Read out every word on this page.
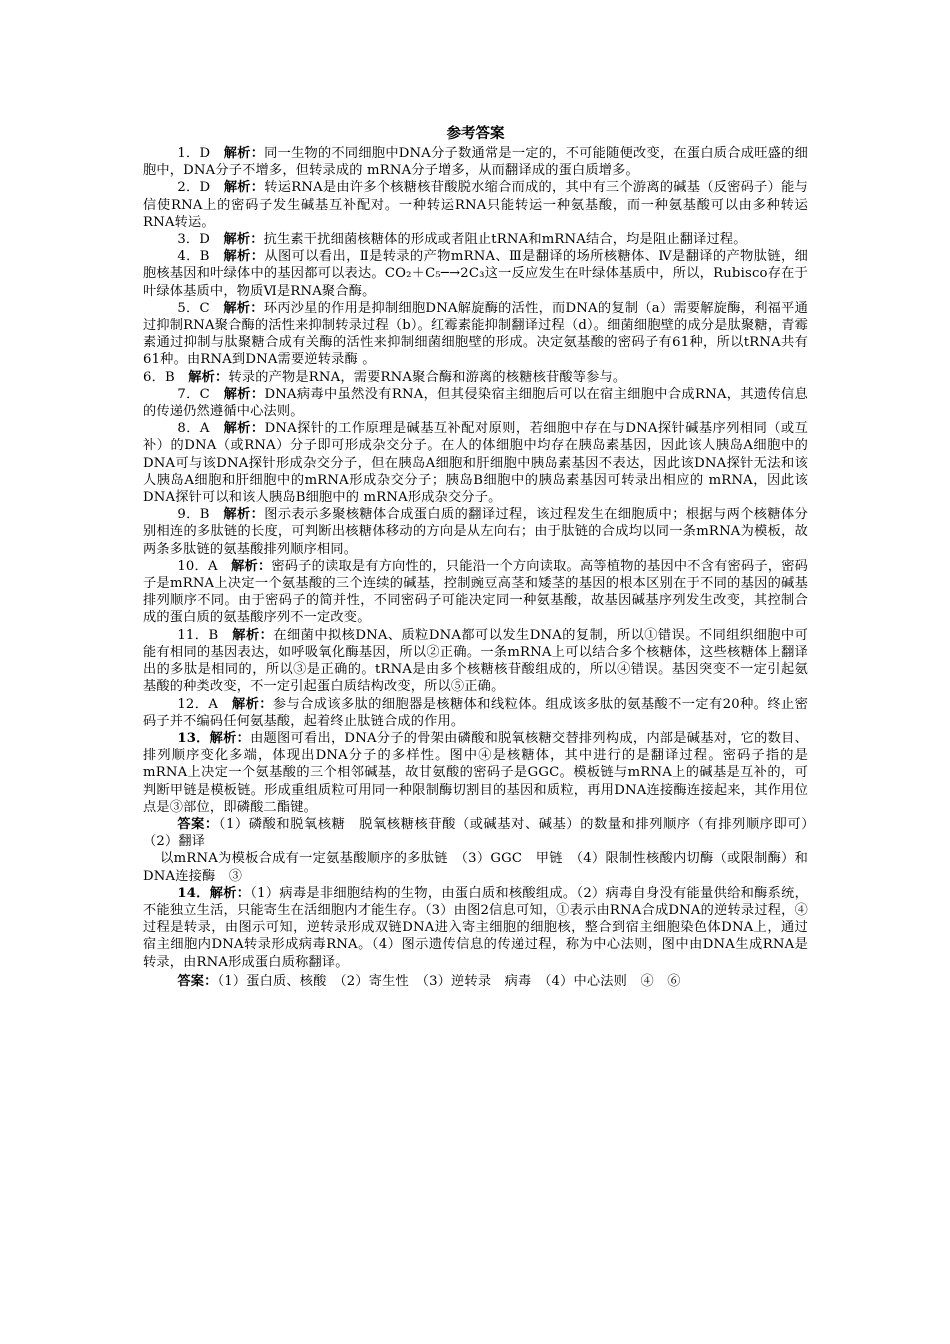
参考答案

1．D　 解析：同一生物的不同细胞中DNA分子数通常是一定的，不可能随便改变，在蛋白质合成旺盛的细胞中，DNA分子不增多，但转录成的 mRNA分子增多，从而翻译成的蛋白质增多。

2．D　 解析：转运RNA是由许多个核糖核苷酸脱水缩合而成的，其中有三个游离的碱基（反密码子）能与信使RNA上的密码子发生碱基互补配对。一种转运RNA只能转运一种氨基酸，而一种氨基酸可以由多种转运RNA转运。

3．D　 解析：抗生素干扰细菌核糖体的形成或者阻止tRNA和mRNA结合，均是阻止翻译过程。

4．B　 解析：从图可以看出，Ⅱ是转录的产物mRNA、Ⅲ是翻译的场所核糖体、Ⅳ是翻译的产物肽链，细胞核基因和叶绿体中的基因都可以表达。CO₂＋C₅─→2C₃这一反应发生在叶绿体基质中，所以，Rubisco存在于叶绿体基质中，物质Ⅵ是RNA聚合酶。

5．C　 解析：环丙沙星的作用是抑制细胞DNA解旋酶的活性，而DNA的复制（a）需要解旋酶，利福平通过抑制RNA聚合酶的活性来抑制转录过程（b）。红霉素能抑制翻译过程（d）。细菌细胞壁的成分是肽聚糖，青霉素通过抑制与肽聚糖合成有关酶的活性来抑制细菌细胞壁的形成。决定氨基酸的密码子有61种，所以tRNA共有61种。由RNA到DNA需要逆转录酶 。

6．B　 解析：转录的产物是RNA，需要RNA聚合酶和游离的核糖核苷酸等参与。

7．C　 解析：DNA病毒中虽然没有RNA，但其侵染宿主细胞后可以在宿主细胞中合成RNA，其遗传信息的传递仍然遵循中心法则。

8．A　 解析：DNA探针的工作原理是碱基互补配对原则，若细胞中存在与DNA探针碱基序列相同（或互补）的DNA（或RNA）分子即可形成杂交分子。在人的体细胞中均存在胰岛素基因，因此该人胰岛A细胞中的DNA可与该DNA探针形成杂交分子，但在胰岛A细胞和肝细胞中胰岛素基因不表达，因此该DNA探针无法和该人胰岛A细胞和肝细胞中的mRNA形成杂交分子；胰岛B细胞中的胰岛素基因可转录出相应的 mRNA，因此该DNA探针可以和该人胰岛B细胞中的 mRNA形成杂交分子。

9．B　 解析：图示表示多聚核糖体合成蛋白质的翻译过程，该过程发生在细胞质中；根据与两个核糖体分别相连的多肽链的长度，可判断出核糖体移动的方向是从左向右；由于肽链的合成均以同一条mRNA为模板，故两条多肽链的氨基酸排列顺序相同。

10．A　 解析：密码子的读取是有方向性的，只能沿一个方向读取。高等植物的基因中不含有密码子，密码子是mRNA上决定一个氨基酸的三个连续的碱基，控制豌豆高茎和矮茎的基因的根本区别在于不同的基因的碱基排列顺序不同。由于密码子的简并性，不同密码子可能决定同一种氨基酸，故基因碱基序列发生改变，其控制合成的蛋白质的氨基酸序列不一定改变。

11．B　 解析：在细菌中拟核DNA、质粒DNA都可以发生DNA的复制，所以①错误。不同组织细胞中可能有相同的基因表达，如呼吸氧化酶基因，所以②正确。一条mRNA上可以结合多个核糖体，这些核糖体上翻译出的多肽是相同的，所以③是正确的。tRNA是由多个核糖核苷酸组成的，所以④错误。基因突变不一定引起氨基酸的种类改变，不一定引起蛋白质结构改变，所以⑤正确。

12．A　 解析：参与合成该多肽的细胞器是核糖体和线粒体。组成该多肽的氨基酸不一定有20种。终止密码子并不编码任何氨基酸，起着终止肽链合成的作用。

13．解析：由题图可看出，DNA分子的骨架由磷酸和脱氧核糖交替排列构成，内部是碱基对，它的数目、排列顺序变化多端，体现出DNA分子的多样性。图中④是核糖体，其中进行的是翻译过程。密码子指的是mRNA上决定一个氨基酸的三个相邻碱基，故甘氨酸的密码子是GGC。模板链与mRNA上的碱基是互补的，可判断甲链是模板链。形成重组质粒可用同一种限制酶切割目的基因和质粒，再用DNA连接酶连接起来，其作用位点是③部位，即磷酸二酯键。

答案：（1）磷酸和脱氧核糖　脱氧核糖核苷酸（或碱基对、碱基）的数量和排列顺序（有排列顺序即可）　（2）翻译

以mRNA为模板合成有一定氨基酸顺序的多肽链　（3）GGC　甲链　（4）限制性核酸内切酶（或限制酶）和DNA连接酶　③

14．解析：（1）病毒是非细胞结构的生物，由蛋白质和核酸组成。（2）病毒自身没有能量供给和酶系统，不能独立生活，只能寄生在活细胞内才能生存。（3）由图2信息可知，①表示由RNA合成DNA的逆转录过程，④过程是转录，由图示可知，逆转录形成双链DNA进入寄主细胞的细胞核，整合到宿主细胞染色体DNA上，通过宿主细胞内DNA转录形成病毒RNA。（4）图示遗传信息的传递过程，称为中心法则，图中由DNA生成RNA是转录，由RNA形成蛋白质称翻译。

答案：（1）蛋白质、核酸　（2）寄生性　（3）逆转录　病毒　（4）中心法则　④　⑥
